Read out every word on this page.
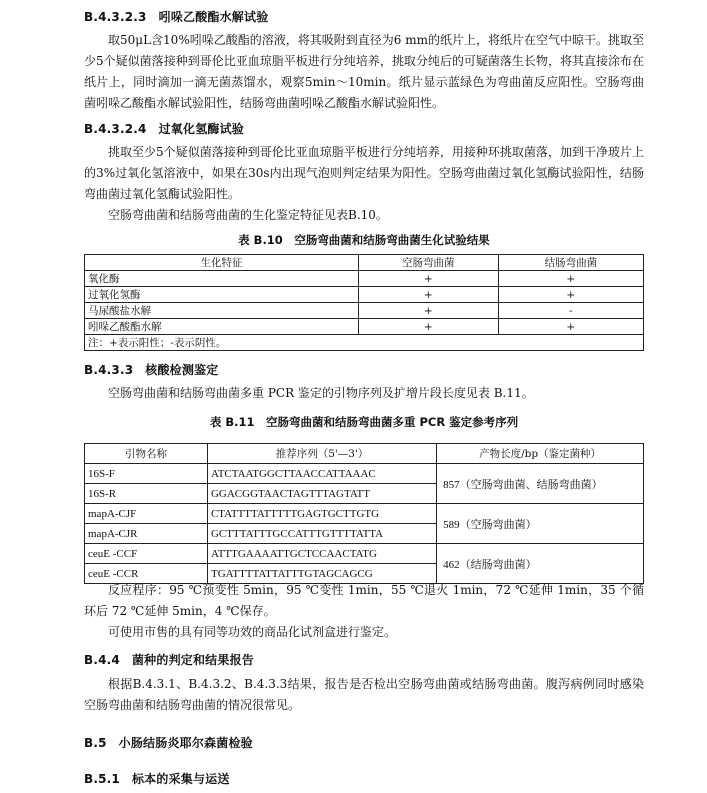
B.4.3.2.3 吲哚乙酸酯水解试验

取50μL含10%吲哚乙酸酯的溶液，将其吸附到直径为6 mm的纸片上，将纸片在空气中晾干。挑取至少5个疑似菌落接种到哥伦比亚血琼脂平板进行分纯培养，挑取分纯后的可疑菌落生长物，将其直接涂布在纸片上，同时滴加一滴无菌蒸馏水，观察5min～10min。纸片显示蓝绿色为弯曲菌反应阳性。空肠弯曲菌吲哚乙酸酯水解试验阳性，结肠弯曲菌吲哚乙酸酯水解试验阳性。

B.4.3.2.4 过氧化氢酶试验

挑取至少5个疑似菌落接种到哥伦比亚血琼脂平板进行分纯培养，用接种环挑取菌落，加到干净玻片上的3%过氧化氢溶液中，如果在30s内出现气泡则判定结果为阳性。空肠弯曲菌过氧化氢酶试验阳性，结肠弯曲菌过氧化氢酶试验阳性。

空肠弯曲菌和结肠弯曲菌的生化鉴定特征见表B.10。

表 B.10　空肠弯曲菌和结肠弯曲菌生化试验结果
生化特征	空肠弯曲菌	结肠弯曲菌
氧化酶	+	+
过氧化氢酶	+	+
马尿酸盐水解	+	-
吲哚乙酸酯水解	+	+
注：+表示阳性；-表示阴性。		
B.4.3.3 核酸检测鉴定

空肠弯曲菌和结肠弯曲菌多重 PCR 鉴定的引物序列及扩增片段长度见表 B.11。

表 B.11　空肠弯曲菌和结肠弯曲菌多重 PCR 鉴定参考序列
引物名称	推荐序列（5'—3'）	产物长度/bp（鉴定菌种）
16S-F	ATCTAATGGCTTAACCATTAAAC	857（空肠弯曲菌、结肠弯曲菌）
16S-R	GGACGGTAACTAGTTTAGTATT	
mapA-CJF	CTATTTTATTTTTGAGTGCTTGTG	589（空肠弯曲菌）
mapA-CJR	GCTTTATTTGCCATTTGTTTTATTA	
ceuE -CCF	ATTTGAAAATTGCTCCAACTATG	462（结肠弯曲菌）
ceuE -CCR	TGATTTTATTATTTGTAGCAGCG	

反应程序：95 ℃预变性 5min，95 ℃变性 1min，55 ℃退火 1min，72 ℃延伸 1min，35 个循环后 72 ℃延伸 5min，4 ℃保存。

可使用市售的具有同等功效的商品化试剂盒进行鉴定。

B.4.4 菌种的判定和结果报告

根据B.4.3.1、B.4.3.2、B.4.3.3结果，报告是否检出空肠弯曲菌或结肠弯曲菌。腹泻病例同时感染空肠弯曲菌和结肠弯曲菌的情况很常见。

B.5 小肠结肠炎耶尔森菌检验
B.5.1 标本的采集与运送
